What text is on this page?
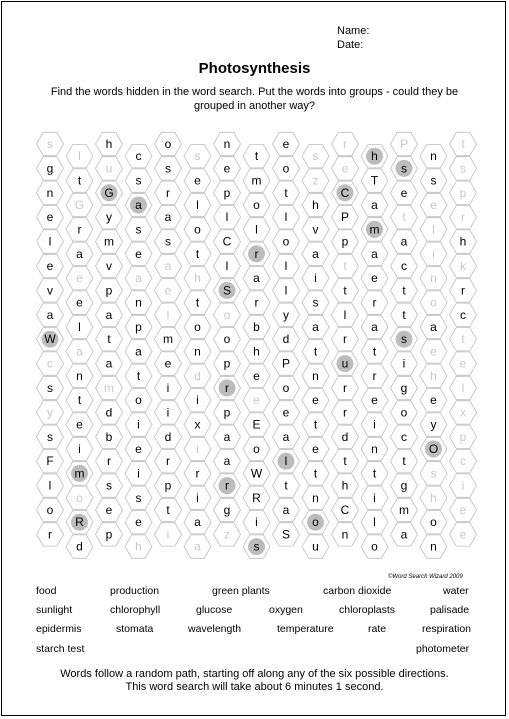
Name:
Date:
Photosynthesis
Find the words hidden in the word search. Put the words into groups - could they be
grouped in another way?
s
l
h
c
o
s
n
t
e
s
r
h
P
n
t
g
t
u
s
s
e
e
m
o
z
e
T
s
s
s
n
G
G
a
r
l
p
o
t
h
C
a
e
e
p
e
r
y
s
a
o
l
l
l
v
P
m
t
l
r
l
a
m
e
s
t
C
r
o
a
p
a
a
i
h
e
e
v
a
a
h
l
a
l
i
t
e
c
n
k
v
e
p
n
e
t
S
r
l
s
t
r
t
o
r
a
l
a
p
l
o
o
b
y
a
l
a
t
a
c
W
a
t
a
m
n
o
h
d
t
r
t
s
e
t
c
n
a
t
e
d
p
e
P
n
u
r
i
h
e
s
t
m
o
i
i
r
e
o
e
r
e
g
e
l
y
e
d
i
i
x
p
E
e
t
r
i
o
y
x
s
i
b
e
d
i
a
o
a
e
d
n
c
O
p
F
m
r
i
r
r
a
W
l
t
t
t
t
s
c
l
o
s
s
p
i
r
R
t
n
h
i
g
h
i
o
R
e
e
t
a
g
i
a
o
C
l
m
o
e
r
d
p
h
i
a
z
s
S
u
n
o
a
n
e
©Word Search Wizard 2009
food	production	green plants	carbon dioxide	water
sunlight	chlorophyll	glucose	oxygen	chloroplasts	palisade
epidermis	stomata	wavelength	temperature	rate	respiration
starch test	photometer
Words follow a random path, starting off along any of the six possible directions.
This word search will take about 6 minutes 1 second.
